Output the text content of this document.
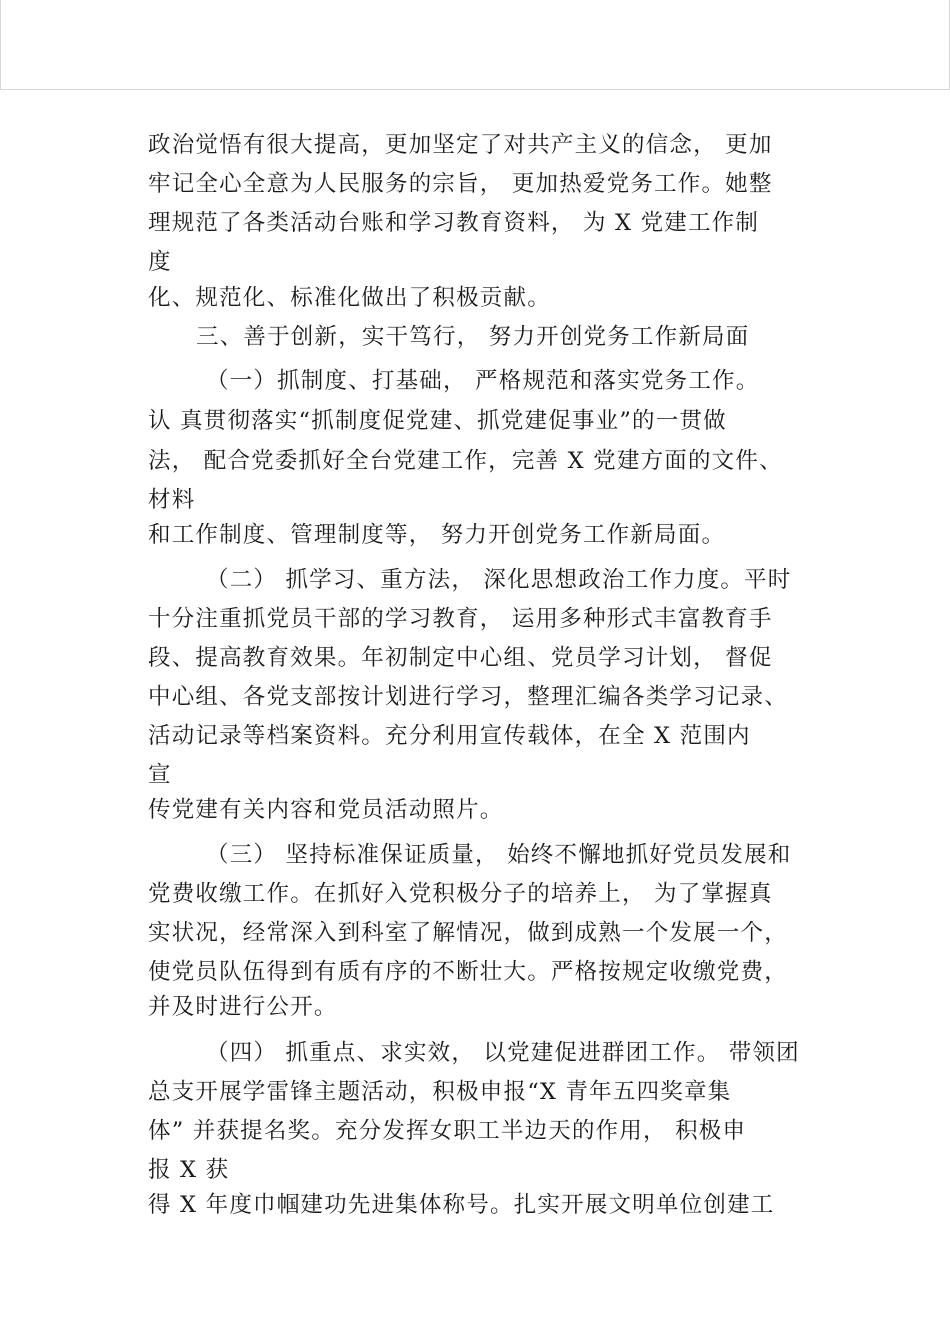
政治觉悟有很大提高，更加坚定了对共产主义的信念， 更加
牢记全心全意为人民服务的宗旨， 更加热爱党务工作。她整
理规范了各类活动台账和学习教育资料， 为 X 党建工作制
度
化、规范化、标准化做出了积极贡献。
三、善于创新，实干笃行， 努力开创党务工作新局面
（一）抓制度、打基础， 严格规范和落实党务工作。
认 真贯彻落实“抓制度促党建、抓党建促事业”的一贯做
法， 配合党委抓好全台党建工作，完善 X 党建方面的文件、
材料
和工作制度、管理制度等， 努力开创党务工作新局面。
（二） 抓学习、重方法， 深化思想政治工作力度。平时
十分注重抓党员干部的学习教育， 运用多种形式丰富教育手
段、提高教育效果。年初制定中心组、党员学习计划， 督促
中心组、各党支部按计划进行学习，整理汇编各类学习记录、
活动记录等档案资料。充分利用宣传载体，在全 X 范围内
宣
传党建有关内容和党员活动照片。
（三） 坚持标准保证质量， 始终不懈地抓好党员发展和
党费收缴工作。在抓好入党积极分子的培养上， 为了掌握真
实状况，经常深入到科室了解情况，做到成熟一个发展一个，
使党员队伍得到有质有序的不断壮大。严格按规定收缴党费，
并及时进行公开。
（四） 抓重点、求实效， 以党建促进群团工作。 带领团
总支开展学雷锋主题活动，积极申报“X 青年五四奖章集
体” 并获提名奖。充分发挥女职工半边天的作用， 积极申
报 X 获
得 X 年度巾帼建功先进集体称号。扎实开展文明单位创建工
